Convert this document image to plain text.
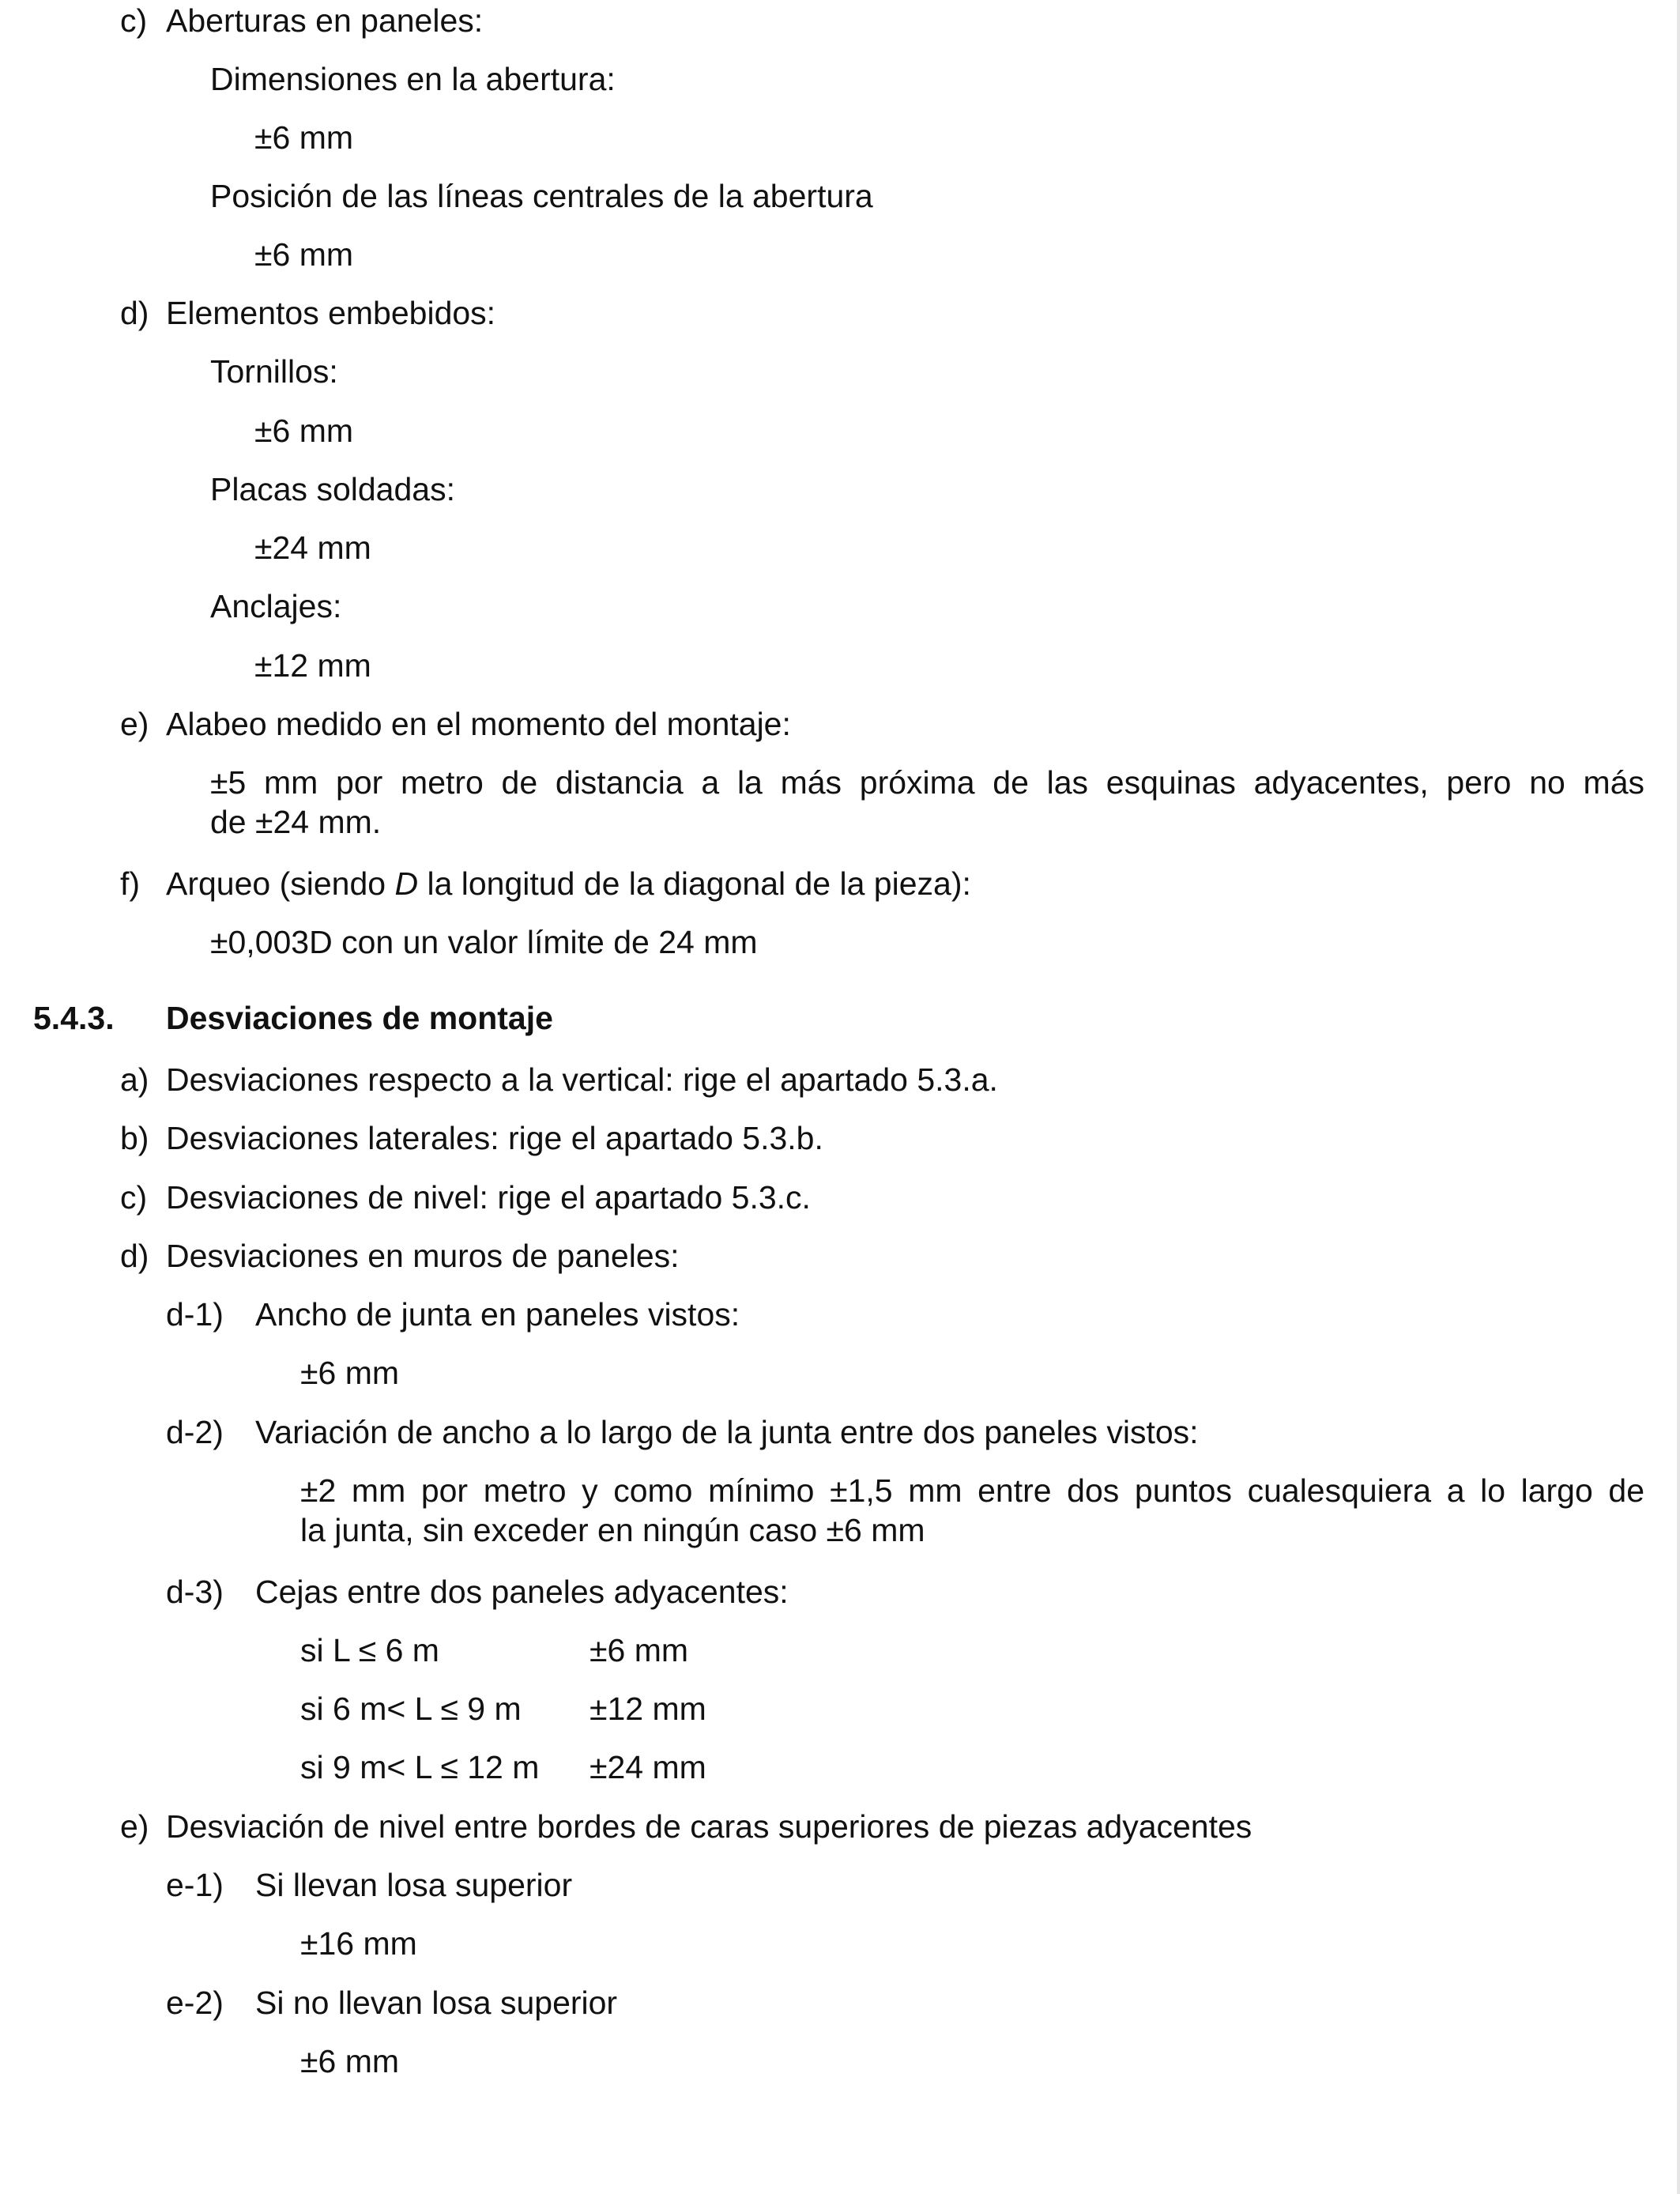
c) Aberturas en paneles:
Dimensiones en la abertura:
±6 mm
Posición de las líneas centrales de la abertura
±6 mm
d) Elementos embebidos:
Tornillos:
±6 mm
Placas soldadas:
±24 mm
Anclajes:
±12 mm
e) Alabeo medido en el momento del montaje:
±5 mm por metro de distancia a la más próxima de las esquinas adyacentes, pero no más
de ±24 mm.
f) Arqueo (siendo D la longitud de la diagonal de la pieza):
±0,003D con un valor límite de 24 mm
5.4.3. Desviaciones de montaje
a) Desviaciones respecto a la vertical: rige el apartado 5.3.a.
b) Desviaciones laterales: rige el apartado 5.3.b.
c) Desviaciones de nivel: rige el apartado 5.3.c.
d) Desviaciones en muros de paneles:
d-1) Ancho de junta en paneles vistos:
±6 mm
d-2) Variación de ancho a lo largo de la junta entre dos paneles vistos:
±2 mm por metro y como mínimo ±1,5 mm entre dos puntos cualesquiera a lo largo de
la junta, sin exceder en ningún caso ±6 mm
d-3) Cejas entre dos paneles adyacentes:
si L ≤ 6 m	±6 mm
si 6 m< L ≤ 9 m ±12 mm
si 9 m< L ≤ 12 m ±24 mm
e) Desviación de nivel entre bordes de caras superiores de piezas adyacentes
e-1) Si llevan losa superior
±16 mm
e-2) Si no llevan losa superior
±6 mm
